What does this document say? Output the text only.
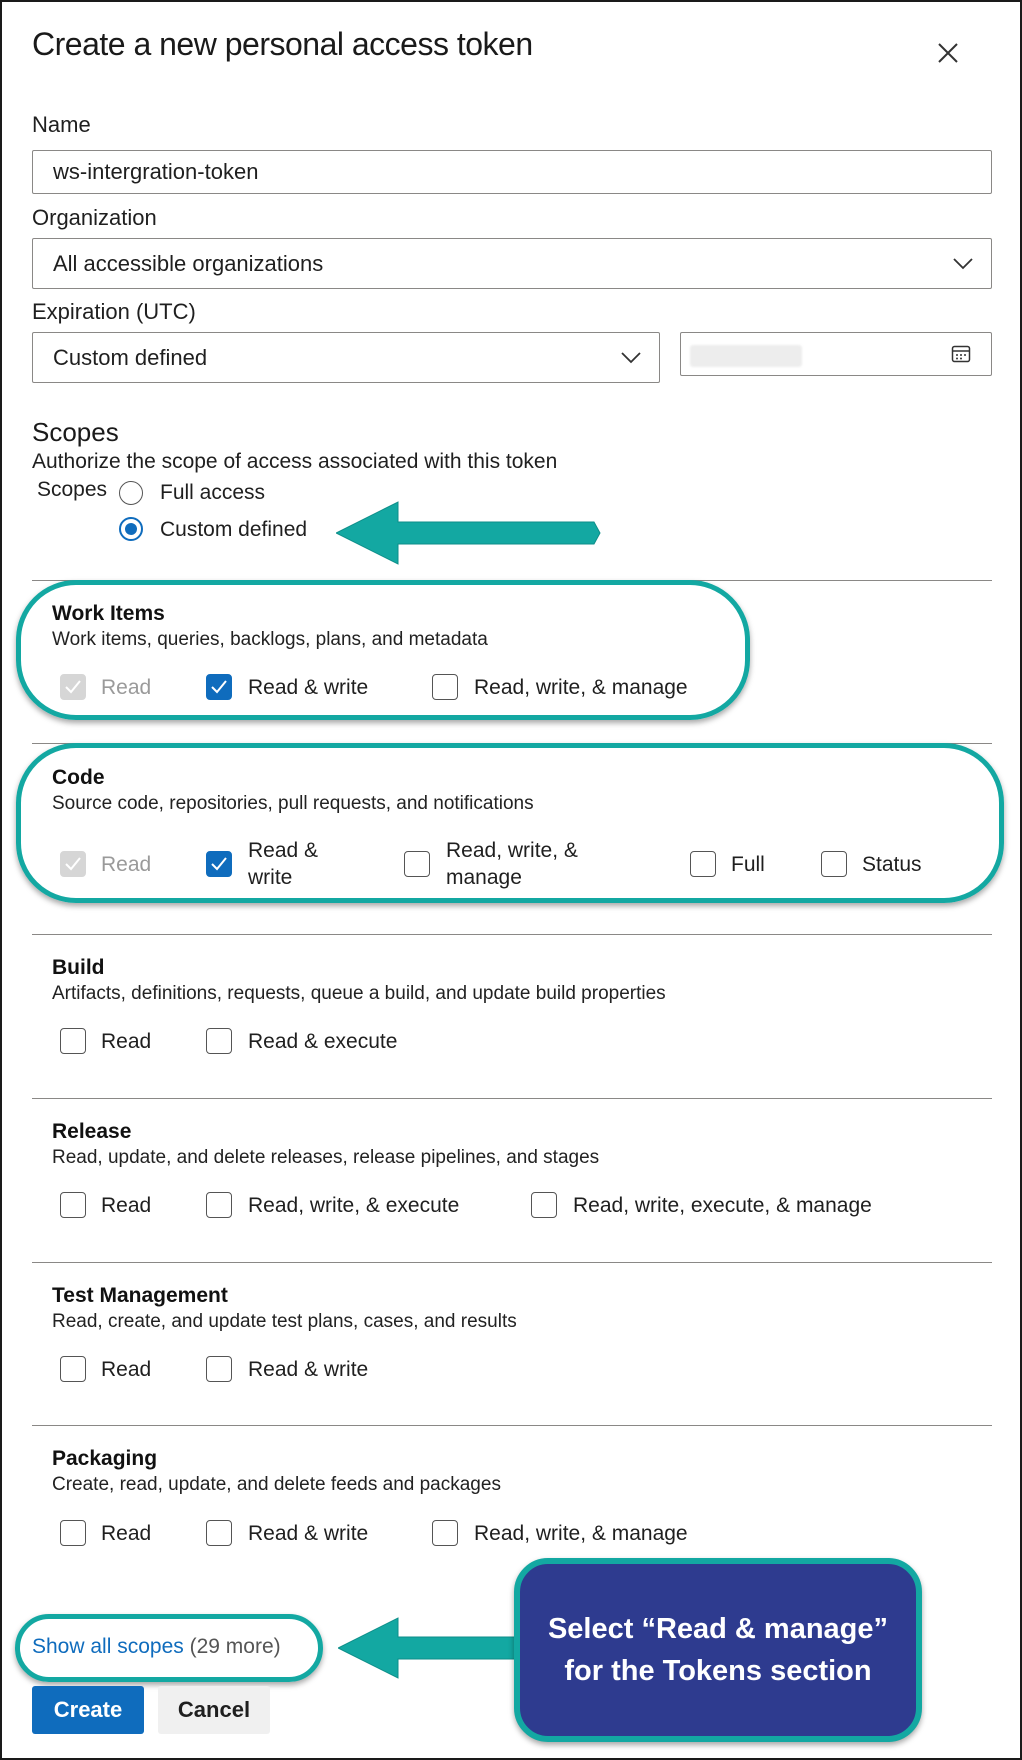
Create a new personal access token
Name
ws-intergration-token
Organization
All accessible organizations
Expiration (UTC)
Custom defined
Scopes
Authorize the scope of access associated with this token
Scopes	Full access
Custom defined
Work Items
Work items, queries, backlogs, plans, and metadata
Read	Read & write	Read, write, & manage
Code
Source code, repositories, pull requests, and notifications
Read
Read &
write
Read, write, &
manage
Full	Status
Build
Artifacts, definitions, requests, queue a build, and update build properties
Read	Read & execute
Release
Read, update, and delete releases, release pipelines, and stages
Read	Read, write, & execute	Read, write, execute, & manage
Test Management
Read, create, and update test plans, cases, and results
Read	Read & write
Packaging
Create, read, update, and delete feeds and packages
Read	Read & write	Read, write, & manage
Show all scopes (29 more)
Select “Read & manage”
for the Tokens section
Create	Cancel
